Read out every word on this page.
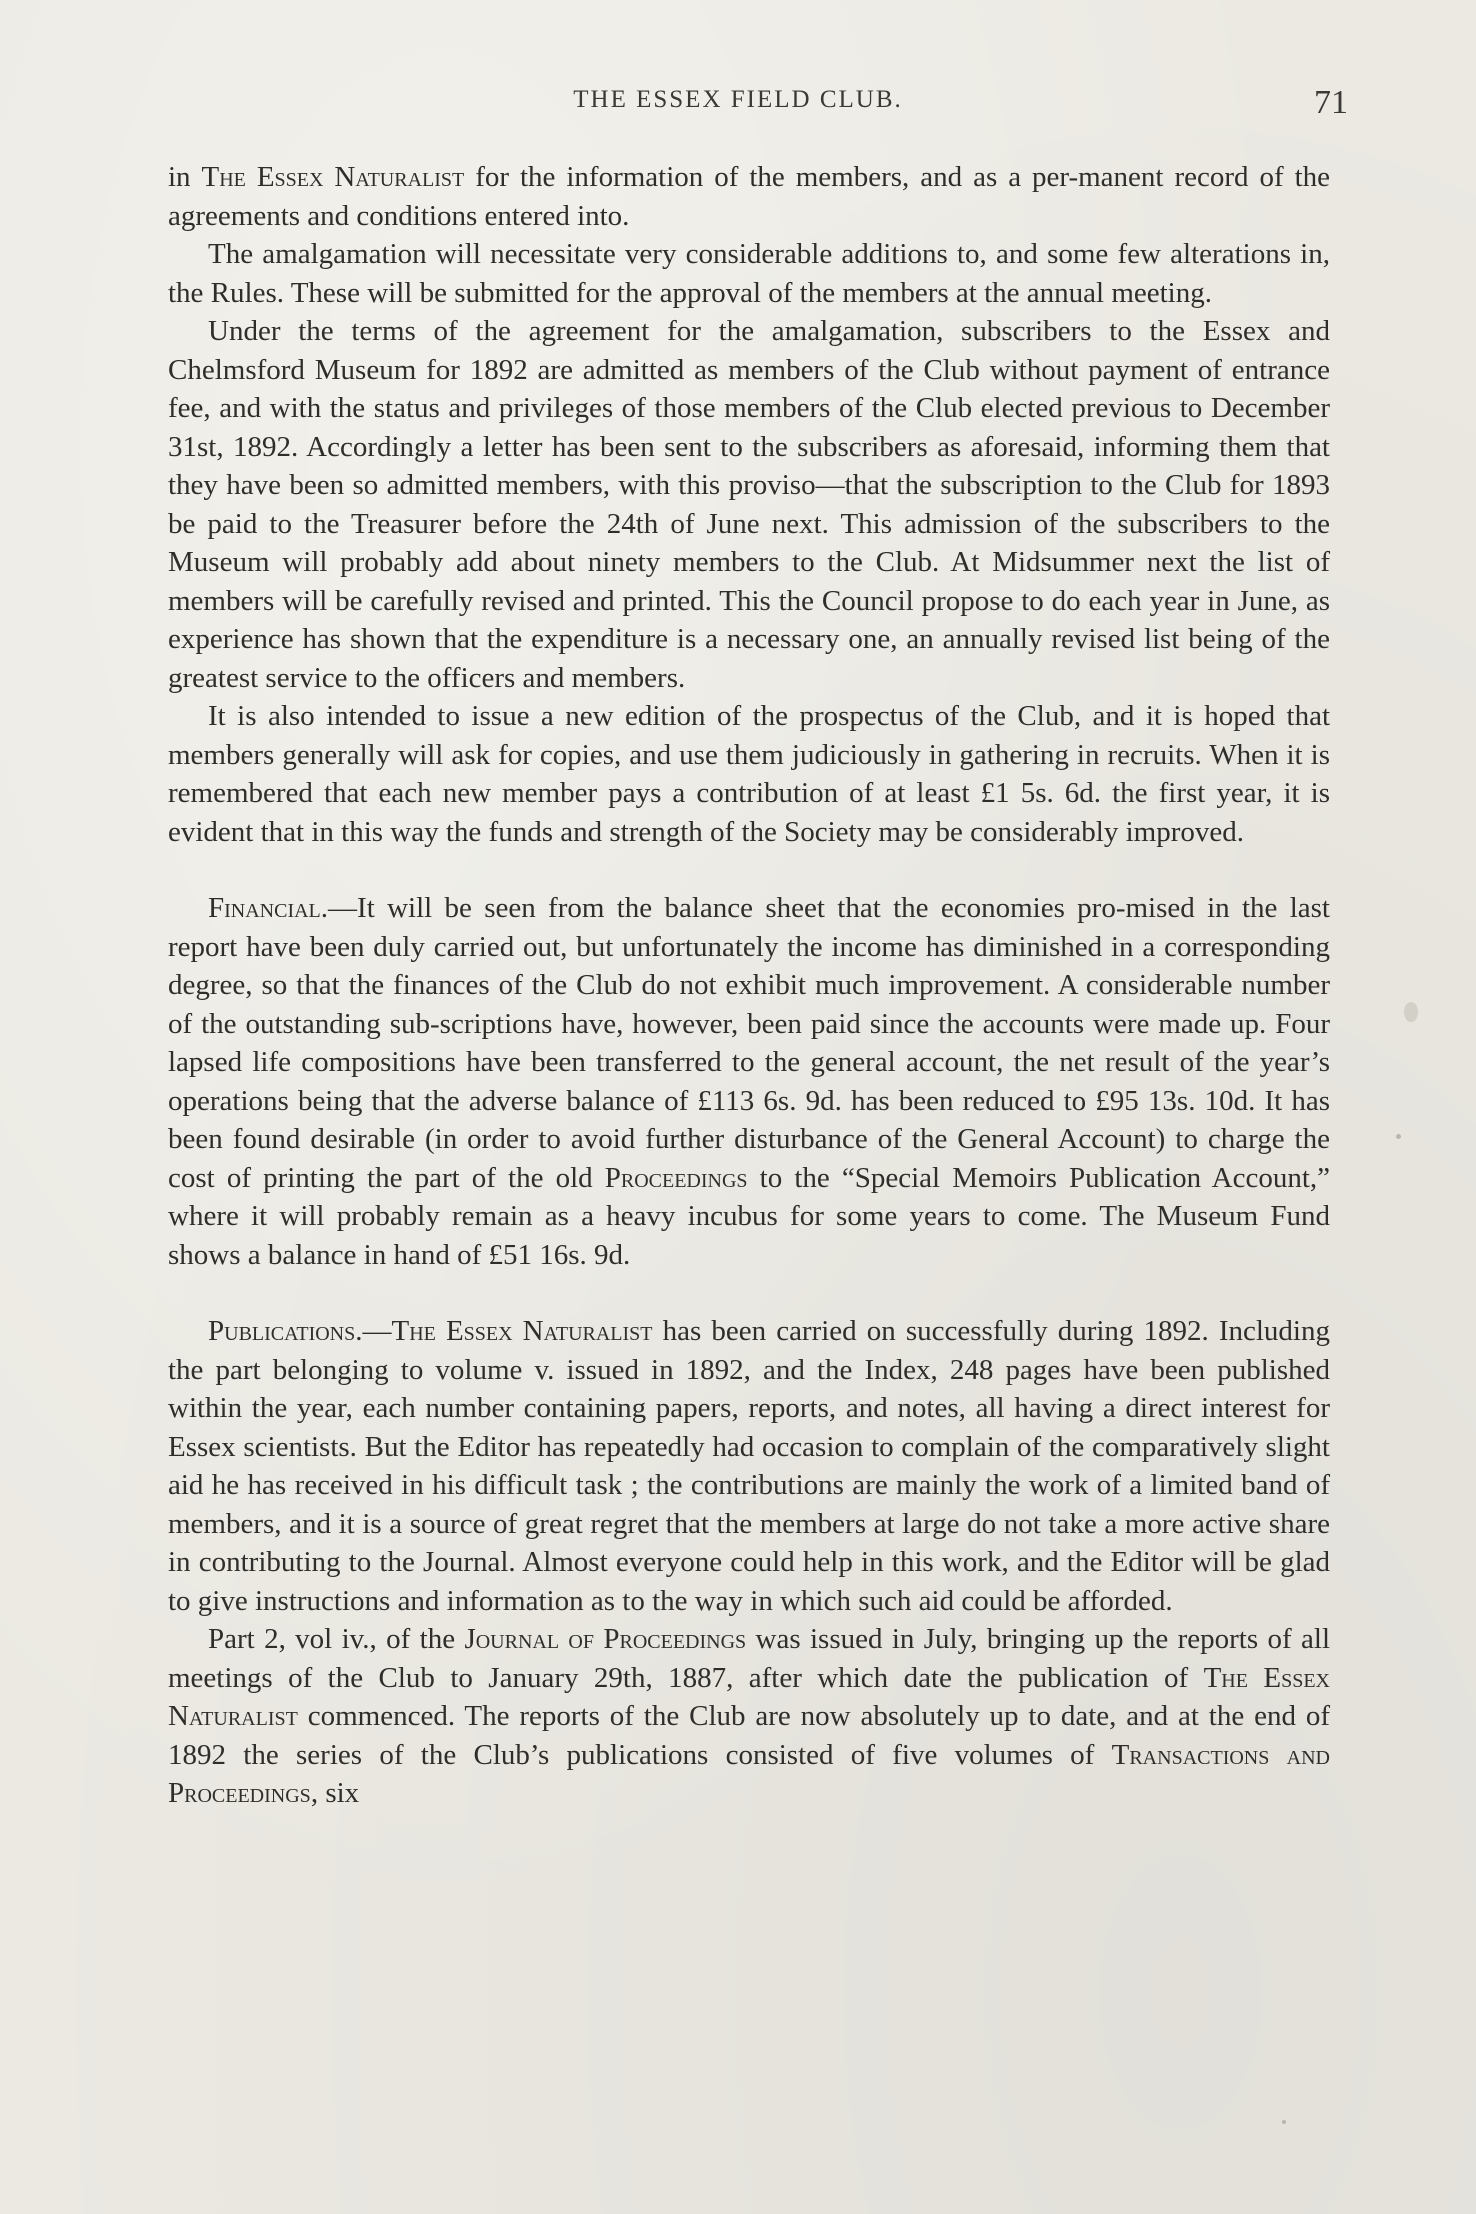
THE ESSEX FIELD CLUB.	71

in The Essex Naturalist for the information of the members, and as a per-manent record of the agreements and conditions entered into.

The amalgamation will necessitate very considerable additions to, and some few alterations in, the Rules. These will be submitted for the approval of the members at the annual meeting.

Under the terms of the agreement for the amalgamation, subscribers to the Essex and Chelmsford Museum for 1892 are admitted as members of the Club without payment of entrance fee, and with the status and privileges of those members of the Club elected previous to December 31st, 1892. Accordingly a letter has been sent to the subscribers as aforesaid, informing them that they have been so admitted members, with this proviso—that the subscription to the Club for 1893 be paid to the Treasurer before the 24th of June next. This admission of the subscribers to the Museum will probably add about ninety members to the Club. At Midsummer next the list of members will be carefully revised and printed. This the Council propose to do each year in June, as experience has shown that the expenditure is a necessary one, an annually revised list being of the greatest service to the officers and members.

It is also intended to issue a new edition of the prospectus of the Club, and it is hoped that members generally will ask for copies, and use them judiciously in gathering in recruits. When it is remembered that each new member pays a contribution of at least £1 5s. 6d. the first year, it is evident that in this way the funds and strength of the Society may be considerably improved.

Financial.—It will be seen from the balance sheet that the economies pro-mised in the last report have been duly carried out, but unfortunately the income has diminished in a corresponding degree, so that the finances of the Club do not exhibit much improvement. A considerable number of the outstanding sub-scriptions have, however, been paid since the accounts were made up. Four lapsed life compositions have been transferred to the general account, the net result of the year’s operations being that the adverse balance of £113 6s. 9d. has been reduced to £95 13s. 10d. It has been found desirable (in order to avoid further disturbance of the General Account) to charge the cost of printing the part of the old Proceedings to the “Special Memoirs Publication Account,” where it will probably remain as a heavy incubus for some years to come. The Museum Fund shows a balance in hand of £51 16s. 9d.

Publications.—The Essex Naturalist has been carried on successfully during 1892. Including the part belonging to volume v. issued in 1892, and the Index, 248 pages have been published within the year, each number containing papers, reports, and notes, all having a direct interest for Essex scientists. But the Editor has repeatedly had occasion to complain of the comparatively slight aid he has received in his difficult task ; the contributions are mainly the work of a limited band of members, and it is a source of great regret that the members at large do not take a more active share in contributing to the Journal. Almost everyone could help in this work, and the Editor will be glad to give instructions and information as to the way in which such aid could be afforded.

Part 2, vol iv., of the Journal of Proceedings was issued in July, bringing up the reports of all meetings of the Club to January 29th, 1887, after which date the publication of The Essex Naturalist commenced. The reports of the Club are now absolutely up to date, and at the end of 1892 the series of the Club’s publications consisted of five volumes of Transactions and Proceedings, six
